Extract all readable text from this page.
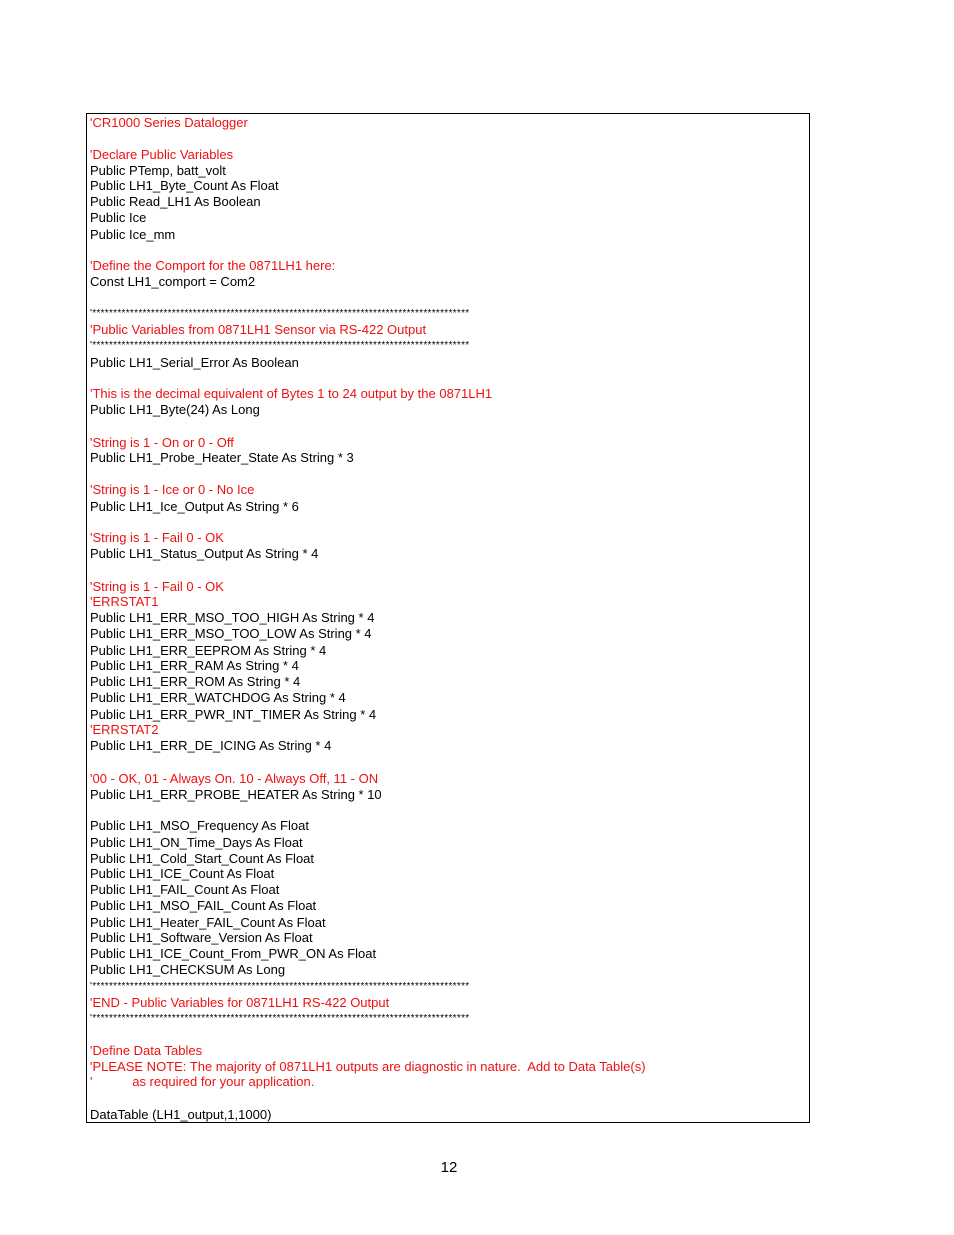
'CR1000 Series Datalogger
'Declare Public Variables
Public PTemp, batt_volt
Public LH1_Byte_Count As Float
Public Read_LH1 As Boolean
Public Ice
Public Ice_mm
'Define the Comport for the 0871LH1 here:
Const LH1_comport = Com2
'******************************************************************************************
'Public Variables from 0871LH1 Sensor via RS-422 Output
'******************************************************************************************
Public LH1_Serial_Error As Boolean
'This is the decimal equivalent of Bytes 1 to 24 output by the 0871LH1
Public LH1_Byte(24) As Long
'String is 1 - On or 0 - Off
Public LH1_Probe_Heater_State As String * 3
'String is 1 - Ice or 0 - No Ice
Public LH1_Ice_Output As String * 6
'String is 1 - Fail 0 - OK
Public LH1_Status_Output As String * 4
'String is 1 - Fail 0 - OK
'ERRSTAT1
Public LH1_ERR_MSO_TOO_HIGH As String * 4
Public LH1_ERR_MSO_TOO_LOW As String * 4
Public LH1_ERR_EEPROM As String * 4
Public LH1_ERR_RAM As String * 4
Public LH1_ERR_ROM As String * 4
Public LH1_ERR_WATCHDOG As String * 4
Public LH1_ERR_PWR_INT_TIMER As String * 4
'ERRSTAT2
Public LH1_ERR_DE_ICING As String * 4
'00 - OK, 01 - Always On. 10 - Always Off, 11 - ON
Public LH1_ERR_PROBE_HEATER As String * 10
Public LH1_MSO_Frequency As Float
Public LH1_ON_Time_Days As Float
Public LH1_Cold_Start_Count As Float
Public LH1_ICE_Count As Float
Public LH1_FAIL_Count As Float
Public LH1_MSO_FAIL_Count As Float
Public LH1_Heater_FAIL_Count As Float
Public LH1_Software_Version As Float
Public LH1_ICE_Count_From_PWR_ON As Float
Public LH1_CHECKSUM As Long
'******************************************************************************************
'END - Public Variables for 0871LH1 RS-422 Output
'******************************************************************************************
'Define Data Tables
'PLEASE NOTE: The majority of 0871LH1 outputs are diagnostic in nature.  Add to Data Table(s)
'           as required for your application.
DataTable (LH1_output,1,1000)
12
